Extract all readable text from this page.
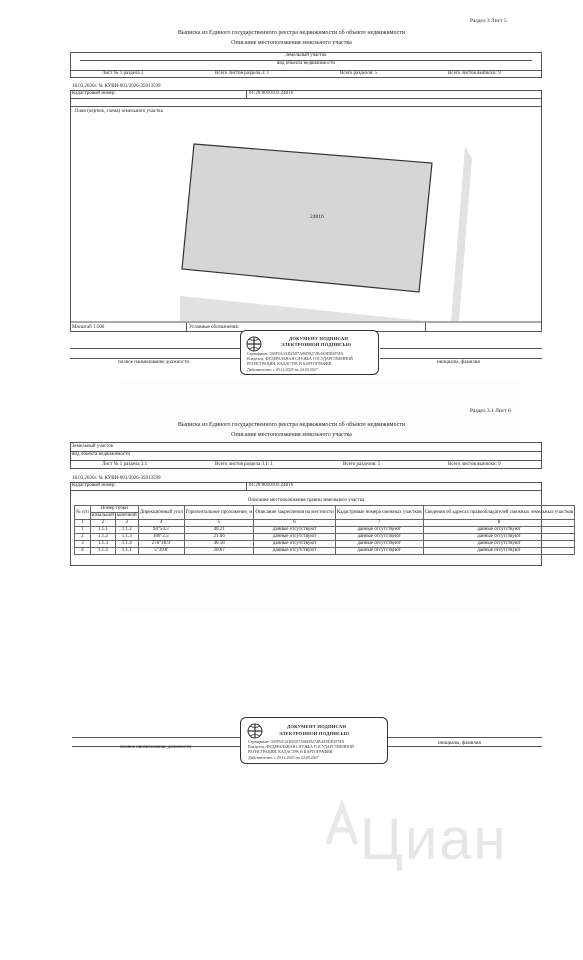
Раздел 3 Лист 5
Выписка из Единого государственного реестра недвижимости об объекте недвижимости
Описание местоположения земельного участка
Земельный участок
вид объекта недвижимости
Лист № 1 раздела 3	Всего листов раздела 3: 1	Всего разделов: 5	Всего листов выписки: 9
18.03.2026г. № КУВИ-001/2026-35913599
Кадастровый номер:	61:20:0010101:24816
План (чертеж, схема) земельного участка
24816
Масштаб 1:500	Условные обозначения:
полное наименование должности	инициалы, фамилия
ДОКУМЕНТ ПОДПИСАН
ЭЛЕКТРОННОЙ ПОДПИСЬЮ
Сертификат: 039F5A3AD25D7A96D9272B4A9DD2F5FA
Владелец: ФЕДЕРАЛЬНАЯ СЛУЖБА ГОСУДАРСТВЕННОЙ
РЕГИСТРАЦИИ, КАДАСТРА И КАРТОГРАФИИ
Действителен: с 29.12.2025 по 24.03.2027
Раздел 3.1 Лист 6
Выписка из Единого государственного реестра недвижимости об объекте недвижимости
Описание местоположения земельного участка
Земельный участок
вид объекта недвижимости
Лист № 1 раздела 3.1	Всего листов раздела 3.1: 1	Всего разделов: 5	Всего листов выписки: 9
18.03.2026г. № КУВИ-001/2026-35913599
Кадастровый номер:	61:20:0010101:24816
Описание местоположения границ земельного участка
№ п/п	Номер точки		Дирекционный угол	Горизонтальное проложение, м	Описание закрепления на местности	Кадастровые номера смежных участков	Сведения об адресах правообладателей смежных земельных участков
	начальной	конечной					
1	2	3	4	5	6	7	8
1	1.1.1	1.1.2	94°54.5'	40.21	данные отсутствуют	данные отсутствуют	данные отсутствуют
2	1.1.2	1.1.3	186°2.5'	21.66	данные отсутствуют	данные отсутствуют	данные отсутствуют
3	1.1.3	1.1.4	276°18.9'	40.18	данные отсутствуют	данные отсутствуют	данные отсутствуют
4	1.1.4	1.1.1	5°39.8'	20.67	данные отсутствуют	данные отсутствуют	данные отсутствуют
полное наименование должности
инициалы, фамилия
ДОКУМЕНТ ПОДПИСАН
ЭЛЕКТРОННОЙ ПОДПИСЬЮ
Сертификат: 039F5A3AD25D7A96D9272B4A9DD2F5FA
Владелец: ФЕДЕРАЛЬНАЯ СЛУЖБА ГОСУДАРСТВЕННОЙ
РЕГИСТРАЦИИ, КАДАСТРА И КАРТОГРАФИИ
Действителен: с 29.12.2025 по 24.03.2027
Циан
